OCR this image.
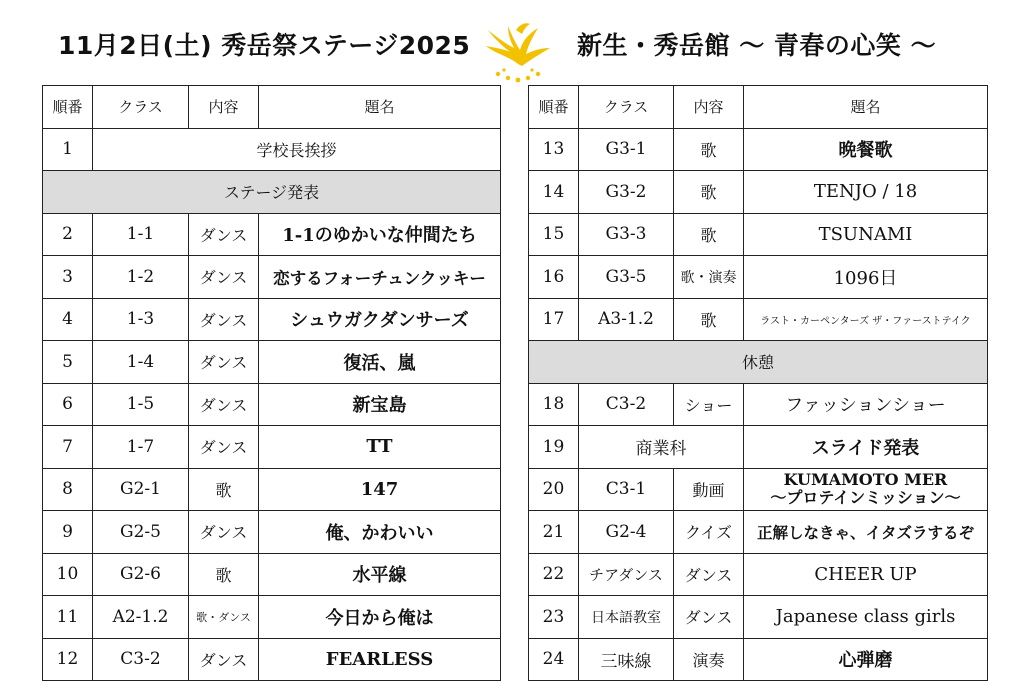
11月2日(土) 秀岳祭ステージ2025	新生・秀岳館 ～ 青春の心笑 ～
順番	クラス	内容	題名
1	学校長挨拶		
ステージ発表			
2	1-1	ダンス	1-1のゆかいな仲間たち
3	1-2	ダンス	恋するフォーチュンクッキー
4	1-3	ダンス	シュウガクダンサーズ
5	1-4	ダンス	復活、嵐
6	1-5	ダンス	新宝島
7	1-7	ダンス	TT
8	G2-1	歌	147
9	G2-5	ダンス	俺、かわいい
10	G2-6	歌	水平線
11	A2-1.2	歌・ダンス	今日から俺は
12	C3-2	ダンス	FEARLESS
順番	クラス	内容	題名
13	G3-1	歌	晩餐歌
14	G3-2	歌	TENJO / 18
15	G3-3	歌	TSUNAMI
16	G3-5	歌・演奏	1096日
17	A3-1.2	歌	ラスト・カーペンターズ ザ・ファーストテイク
休憩			
18	C3-2	ショー	ファッションショー
19	商業科		スライド発表
20	C3-1	動画	KUMAMOTO MER
～プロテインミッション～

21	G2-4	クイズ	正解しなきゃ、イタズラするぞ
22	チアダンス	ダンス	CHEER UP
23	日本語教室	ダンス	Japanese class girls
24	三味線	演奏	心弾磨
